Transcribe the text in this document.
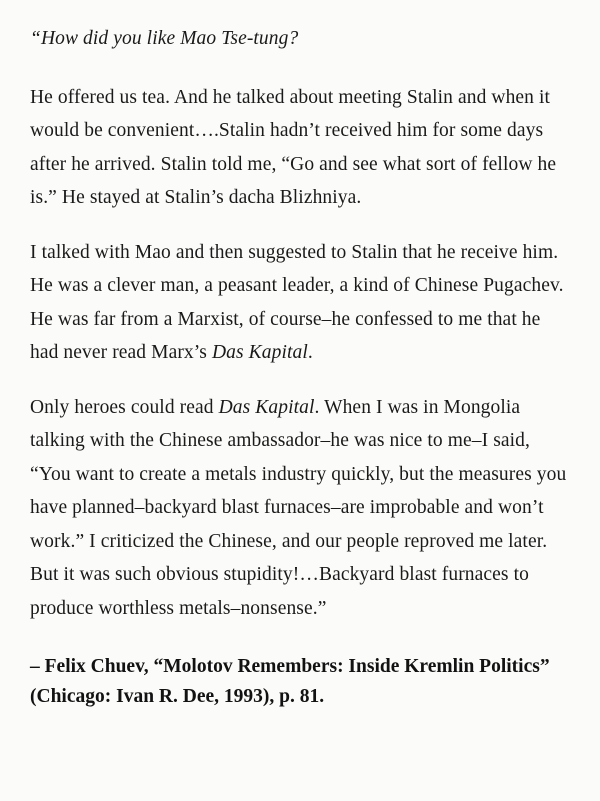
“How did you like Mao Tse-tung?

He offered us tea. And he talked about meeting Stalin and when it would be convenient….Stalin hadn’t received him for some days after he arrived. Stalin told me, “Go and see what sort of fellow he is.” He stayed at Stalin’s dacha Blizhniya.

I talked with Mao and then suggested to Stalin that he receive him. He was a clever man, a peasant leader, a kind of Chinese Pugachev. He was far from a Marxist, of course–he confessed to me that he had never read Marx’s Das Kapital.

Only heroes could read Das Kapital. When I was in Mongolia talking with the Chinese ambassador–he was nice to me–I said, “You want to create a metals industry quickly, but the measures you have planned–backyard blast furnaces–are improbable and won’t work.” I criticized the Chinese, and our people reproved me later. But it was such obvious stupidity!…Backyard blast furnaces to produce worthless metals–nonsense.”

– Felix Chuev, “Molotov Remembers: Inside Kremlin Politics” (Chicago: Ivan R. Dee, 1993), p. 81.
